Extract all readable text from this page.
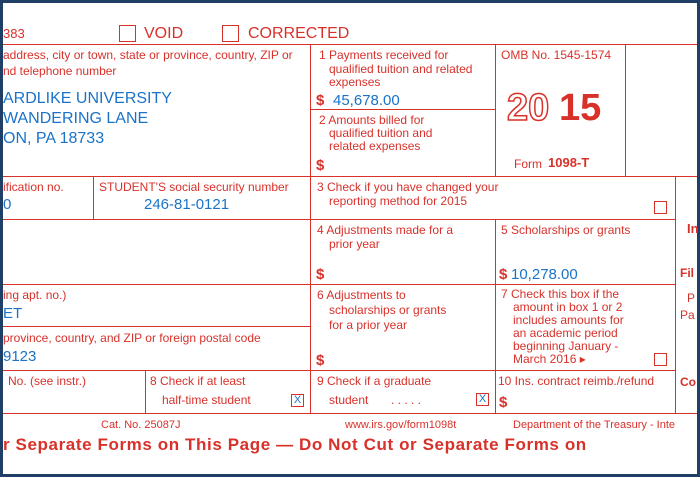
383	VOID	CORRECTED
address, city or town, state or province, country, ZIP or
nd telephone number
ARDLIKE UNIVERSITY
WANDERING LANE
ON, PA 18733
1 Payments received for
qualified tuition and related
expenses
$ 45,678.00
2 Amounts billed for
qualified tuition and
related expenses
$
OMB No. 1545-1574
20 15
Form 1098-T
ification no.
0
STUDENT'S social security number
246-81-0121
3 Check if you have changed your
reporting method for 2015
In
Fil
P
Pa
Co
4 Adjustments made for a
prior year
$
5 Scholarships or grants
$ 10,278.00
ing apt. no.)
ET
province, country, and ZIP or foreign postal code
9123
6 Adjustments to
scholarships or grants
for a prior year
$
7 Check this box if the
amount in box 1 or 2
includes amounts for
an academic period
beginning January -
March 2016 ▸
No. (see instr.)	8 Check if at least
half-time student	X
9 Check if a graduate
student . . . . .	X
10 Ins. contract reimb./refund
$
Cat. No. 25087J	www.irs.gov/form1098t	Department of the Treasury - Inte
r Separate Forms on This Page — Do Not Cut or Separate Forms on
